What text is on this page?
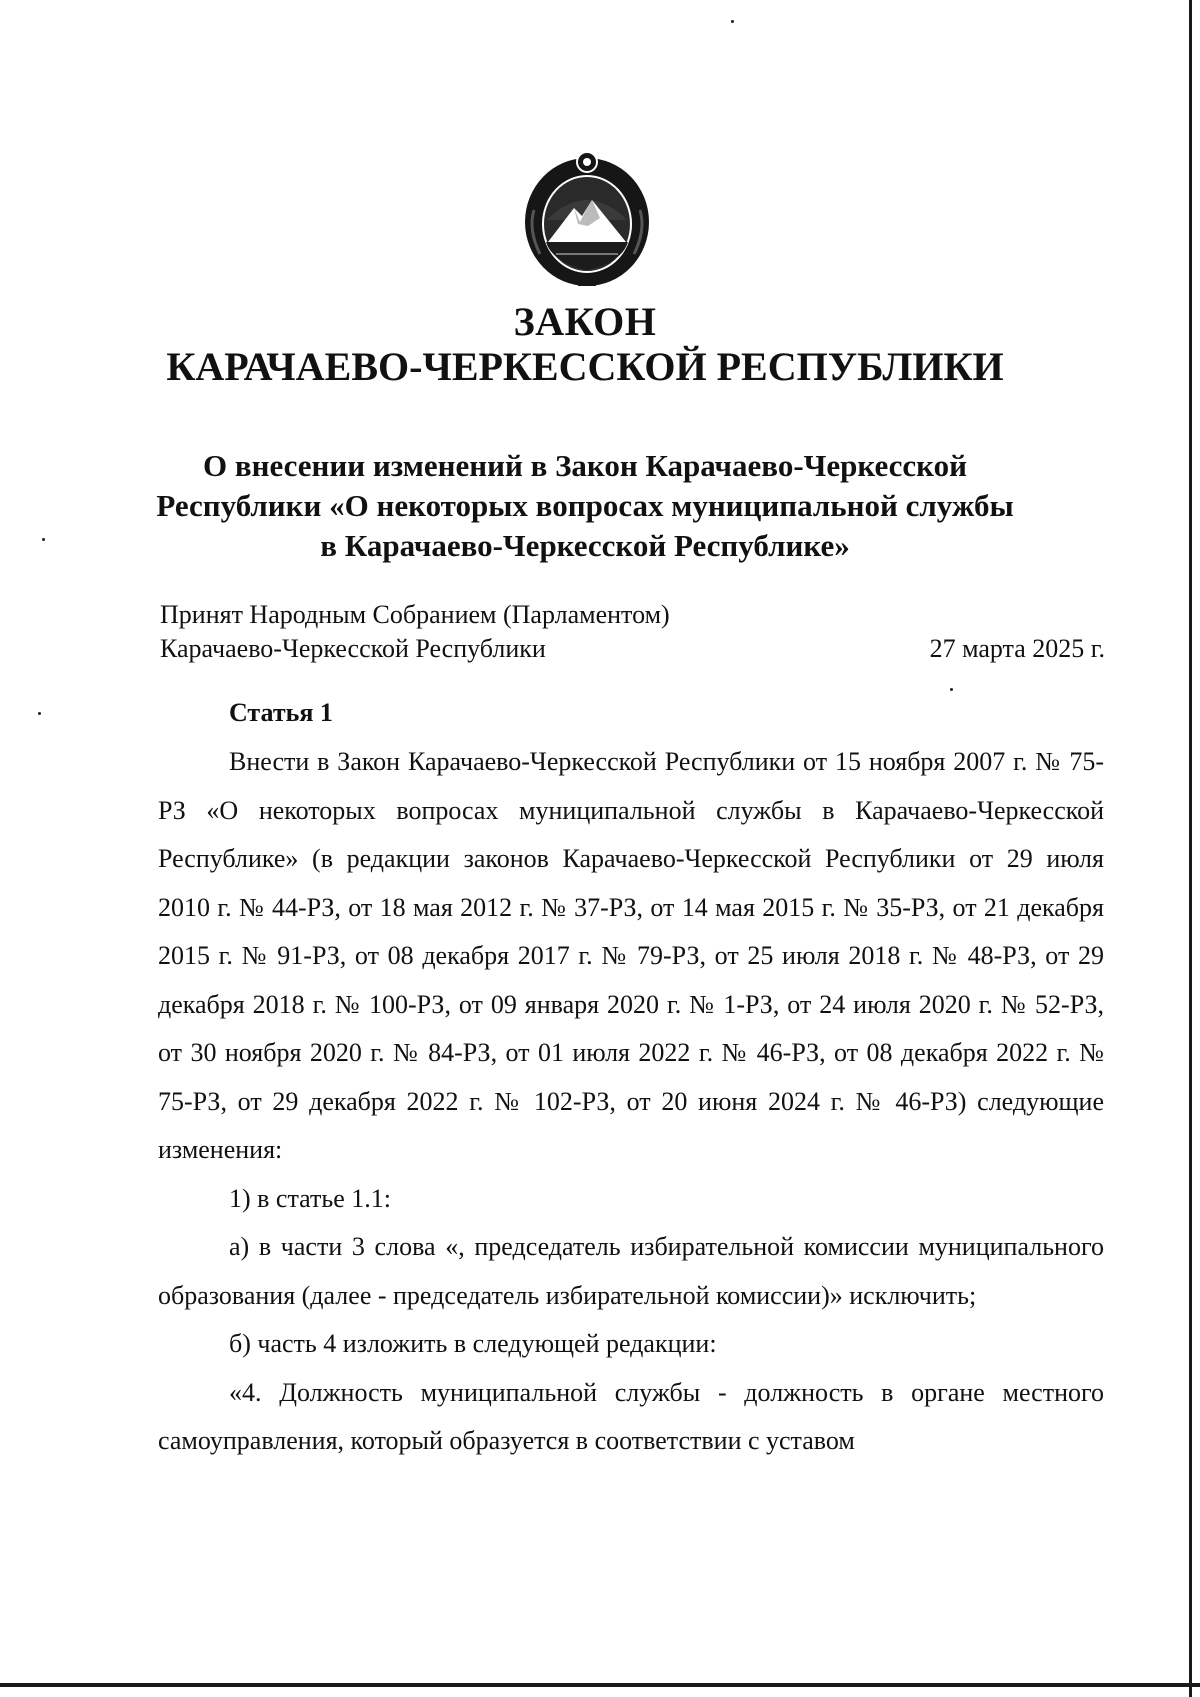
ЗАКОН
КАРАЧАЕВО-ЧЕРКЕССКОЙ РЕСПУБЛИКИ
О внесении изменений в Закон Карачаево-Черкесской Республики «О некоторых вопросах муниципальной службы в Карачаево-Черкесской Республике»
Принят Народным Собранием (Парламентом)
Карачаево-Черкесской Республики	27 марта 2025 г.
Статья 1

Внести в Закон Карачаево-Черкесской Республики от 15 ноября 2007 г. № 75-РЗ «О некоторых вопросах муниципальной службы в Карачаево-Черкесской Республике» (в редакции законов Карачаево-Черкесской Республики от 29 июля 2010 г. № 44-РЗ, от 18 мая 2012 г. № 37-РЗ, от 14 мая 2015 г. № 35-РЗ, от 21 декабря 2015 г. № 91-РЗ, от 08 декабря 2017 г. № 79-РЗ, от 25 июля 2018 г. № 48-РЗ, от 29 декабря 2018 г. № 100-РЗ, от 09 января 2020 г. № 1-РЗ, от 24 июля 2020 г. № 52-РЗ, от 30 ноября 2020 г. № 84-РЗ, от 01 июля 2022 г. № 46-РЗ, от 08 декабря 2022 г. № 75-РЗ, от 29 декабря 2022 г. № 102-РЗ, от 20 июня 2024 г. № 46-РЗ) следующие изменения:

1) в статье 1.1:

а) в части 3 слова «, председатель избирательной комиссии муниципального образования (далее - председатель избирательной комиссии)» исключить;

б) часть 4 изложить в следующей редакции:

«4. Должность муниципальной службы - должность в органе местного самоуправления, который образуется в соответствии с уставом
